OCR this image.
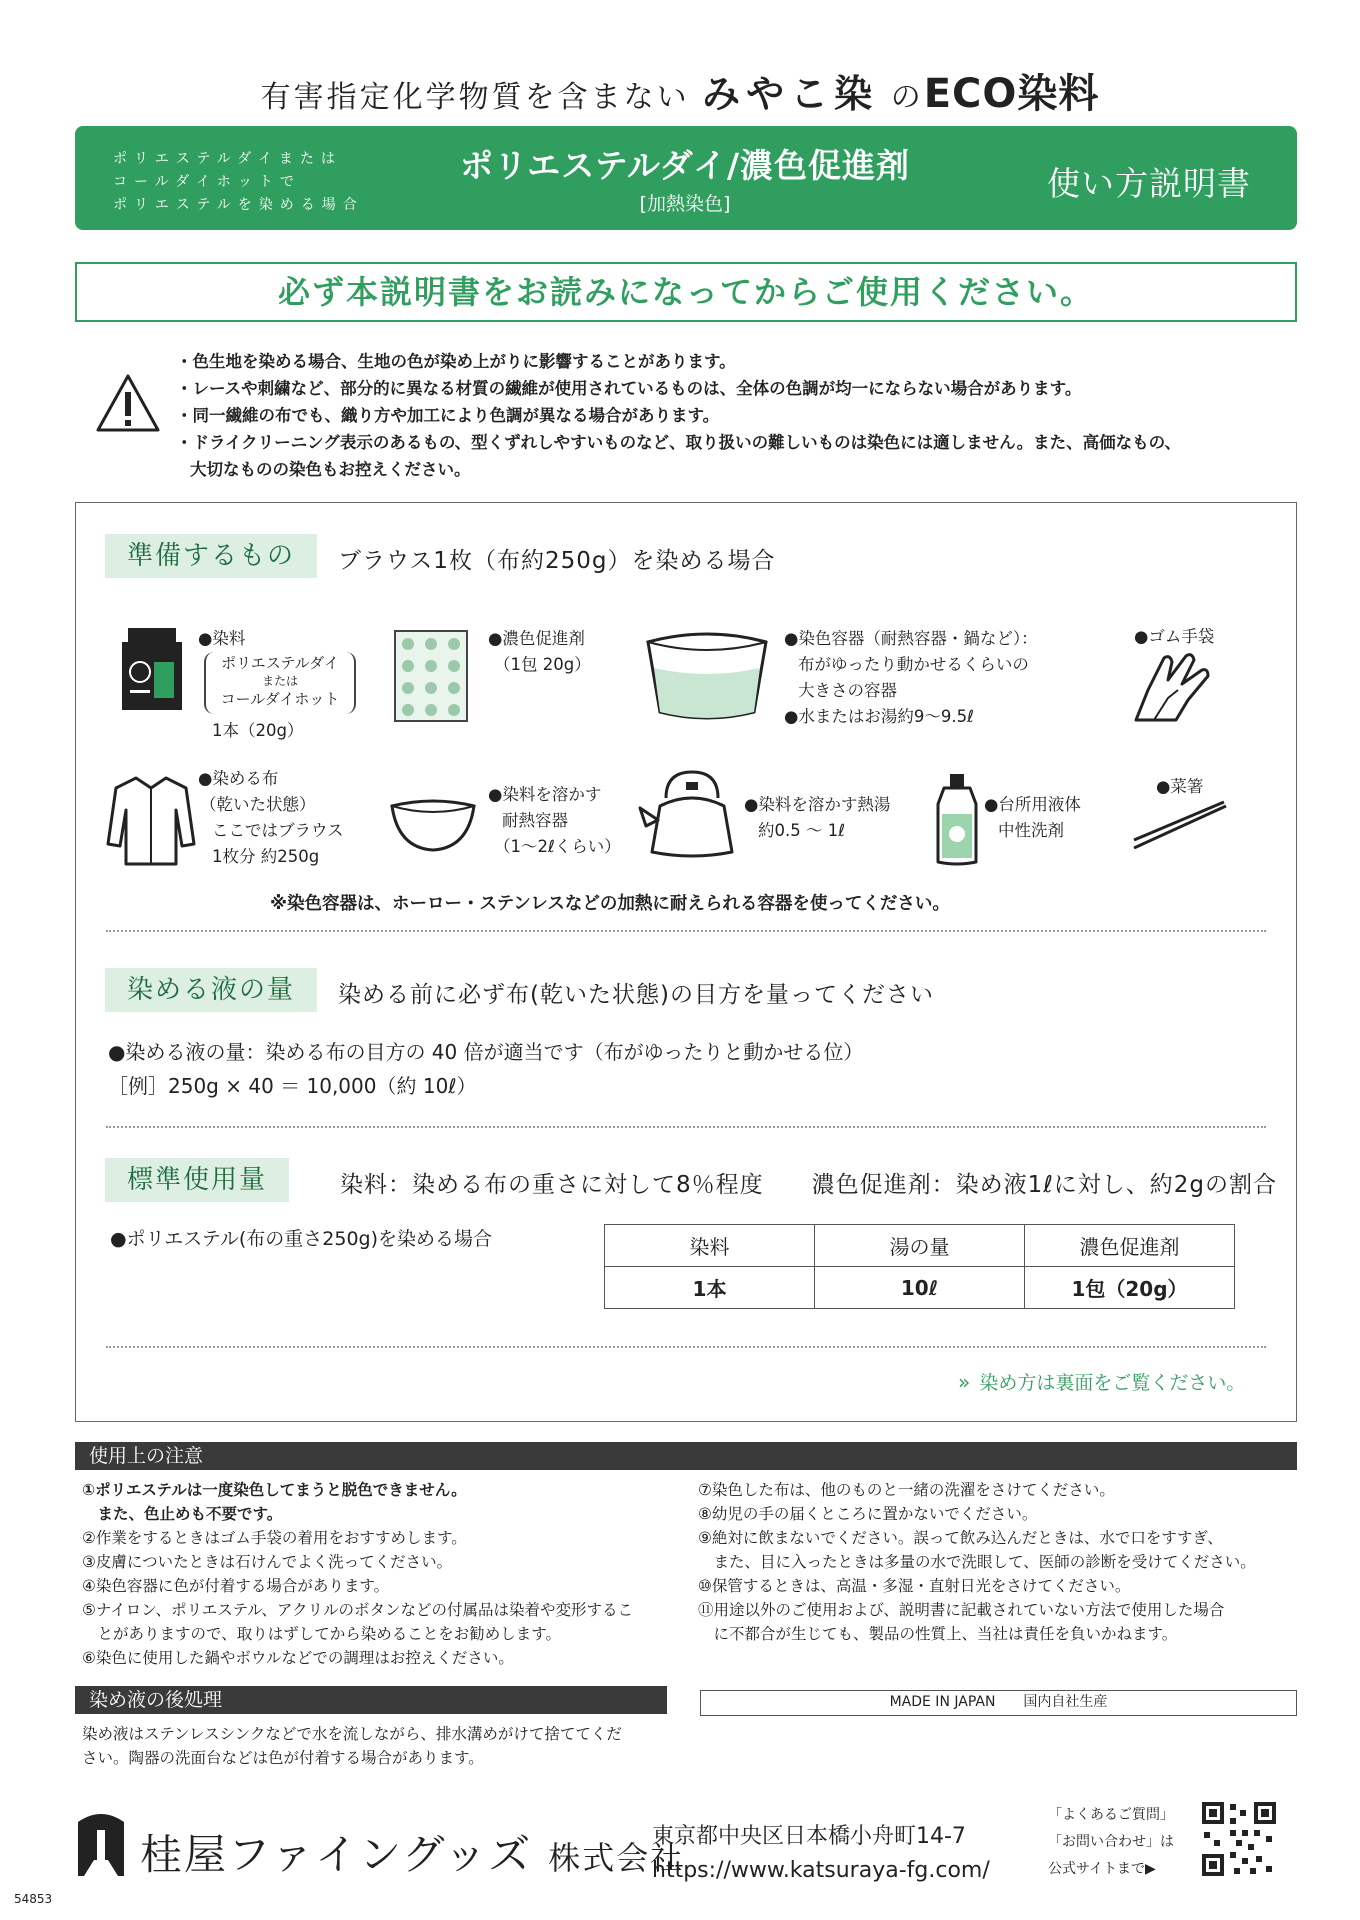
有害指定化学物質を含まない みやこ染 のECO染料
ポリエステルダイまたは
コールダイホットで
ポリエステルを染める場合
ポリエステルダイ/濃色促進剤
[加熱染色]
使い方説明書
必ず本説明書をお読みになってからご使用ください。
・色生地を染める場合、生地の色が染め上がりに影響することがあります。
・レースや刺繍など、部分的に異なる材質の繊維が使用されているものは、全体の色調が均一にならない場合があります。
・同一繊維の布でも、織り方や加工により色調が異なる場合があります。
・ドライクリーニング表示のあるもの、型くずれしやすいものなど、取り扱いの難しいものは染色には適しません。また、高価なもの、
大切なものの染色もお控えください。
準備するもの	ブラウス1枚（布約250g）を染める場合
●染料
ポリエステルダイ
または
コールダイホット
1本（20g）
●濃色促進剤
（1包 20g）
●染色容器（耐熱容器・鍋など）：
布がゆったり動かせるくらいの
大きさの容器
●水またはお湯約9～9.5ℓ
●ゴム手袋
●染める布
（乾いた状態）
ここではブラウス
1枚分 約250g
●染料を溶かす
耐熱容器
（1～2ℓくらい）
●染料を溶かす熱湯
約0.5 ～ 1ℓ
●台所用液体
中性洗剤
●菜箸
※染色容器は、ホーロー・ステンレスなどの加熱に耐えられる容器を使ってください。
染める液の量	染める前に必ず布(乾いた状態)の目方を量ってください
●染める液の量：染める布の目方の 40 倍が適当です（布がゆったりと動かせる位）
［例］250g × 40 ＝ 10,000（約 10ℓ）
標準使用量	染料：染める布の重さに対して8％程度　　濃色促進剤：染め液1ℓに対し、約2gの割合
●ポリエステル(布の重さ250g)を染める場合	染料	湯の量	濃色促進剤
1本	10ℓ	1包（20g）
» 染め方は裏面をご覧ください。
使用上の注意
①ポリエステルは一度染色してまうと脱色できません。
　また、色止めも不要です。
②作業をするときはゴム手袋の着用をおすすめします。
③皮膚についたときは石けんでよく洗ってください。
④染色容器に色が付着する場合があります。
⑤ナイロン、ポリエステル、アクリルのボタンなどの付属品は染着や変形するこ
　とがありますので、取りはずしてから染めることをお勧めします。
⑥染色に使用した鍋やボウルなどでの調理はお控えください。
⑦染色した布は、他のものと一緒の洗濯をさけてください。
⑧幼児の手の届くところに置かないでください。
⑨絶対に飲まないでください。誤って飲み込んだときは、水で口をすすぎ、
　また、目に入ったときは多量の水で洗眼して、医師の診断を受けてください。
⑩保管するときは、高温・多湿・直射日光をさけてください。
⑪用途以外のご使用および、説明書に記載されていない方法で使用した場合
　に不都合が生じても、製品の性質上、当社は責任を負いかねます。
染め液の後処理
染め液はステンレスシンクなどで水を流しながら、排水溝めがけて捨ててくだ
さい。陶器の洗面台などは色が付着する場合があります。
MADE IN JAPAN　　国内自社生産
桂屋ファイングッズ 株式会社
東京都中央区日本橋小舟町14-7
https://www.katsuraya-fg.com/
「よくあるご質問」
「お問い合わせ」は
公式サイトまで▶
54853
